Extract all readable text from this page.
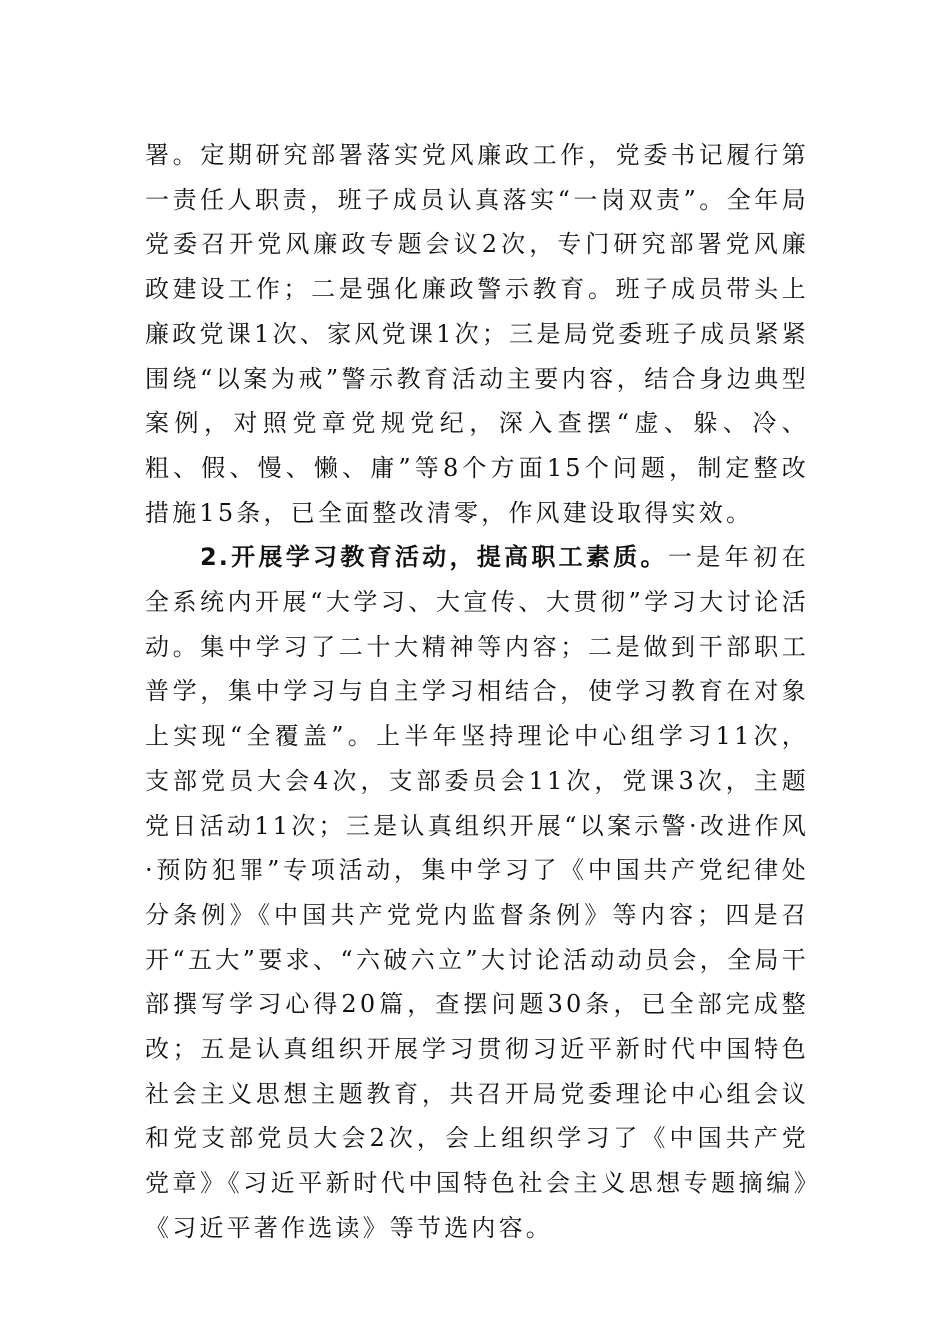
署。定期研究部署落实党风廉政工作，党委书记履行第一责任人职责，班子成员认真落实“一岗双责”。全年局党委召开党风廉政专题会议2次，专门研究部署党风廉政建设工作；二是强化廉政警示教育。班子成员带头上廉政党课1次、家风党课1次；三是局党委班子成员紧紧围绕“以案为戒”警示教育活动主要内容，结合身边典型案例，对照党章党规党纪，深入查摆“虚、躲、冷、粗、假、慢、懒、庸”等8个方面15个问题，制定整改措施15条，已全面整改清零，作风建设取得实效。

2.开展学习教育活动，提高职工素质。一是年初在全系统内开展“大学习、大宣传、大贯彻”学习大讨论活动。集中学习了二十大精神等内容；二是做到干部职工普学，集中学习与自主学习相结合，使学习教育在对象上实现“全覆盖”。上半年坚持理论中心组学习11次，支部党员大会4次，支部委员会11次，党课3次，主题党日活动11次；三是认真组织开展“以案示警·改进作风·预防犯罪”专项活动，集中学习了《中国共产党纪律处分条例》《中国共产党党内监督条例》等内容；四是召开“五大”要求、“六破六立”大讨论活动动员会，全局干部撰写学习心得20篇，查摆问题30条，已全部完成整改；五是认真组织开展学习贯彻习近平新时代中国特色社会主义思想主题教育，共召开局党委理论中心组会议和党支部党员大会2次，会上组织学习了《中国共产党党章》《习近平新时代中国特色社会主义思想专题摘编》《习近平著作选读》等节选内容。
